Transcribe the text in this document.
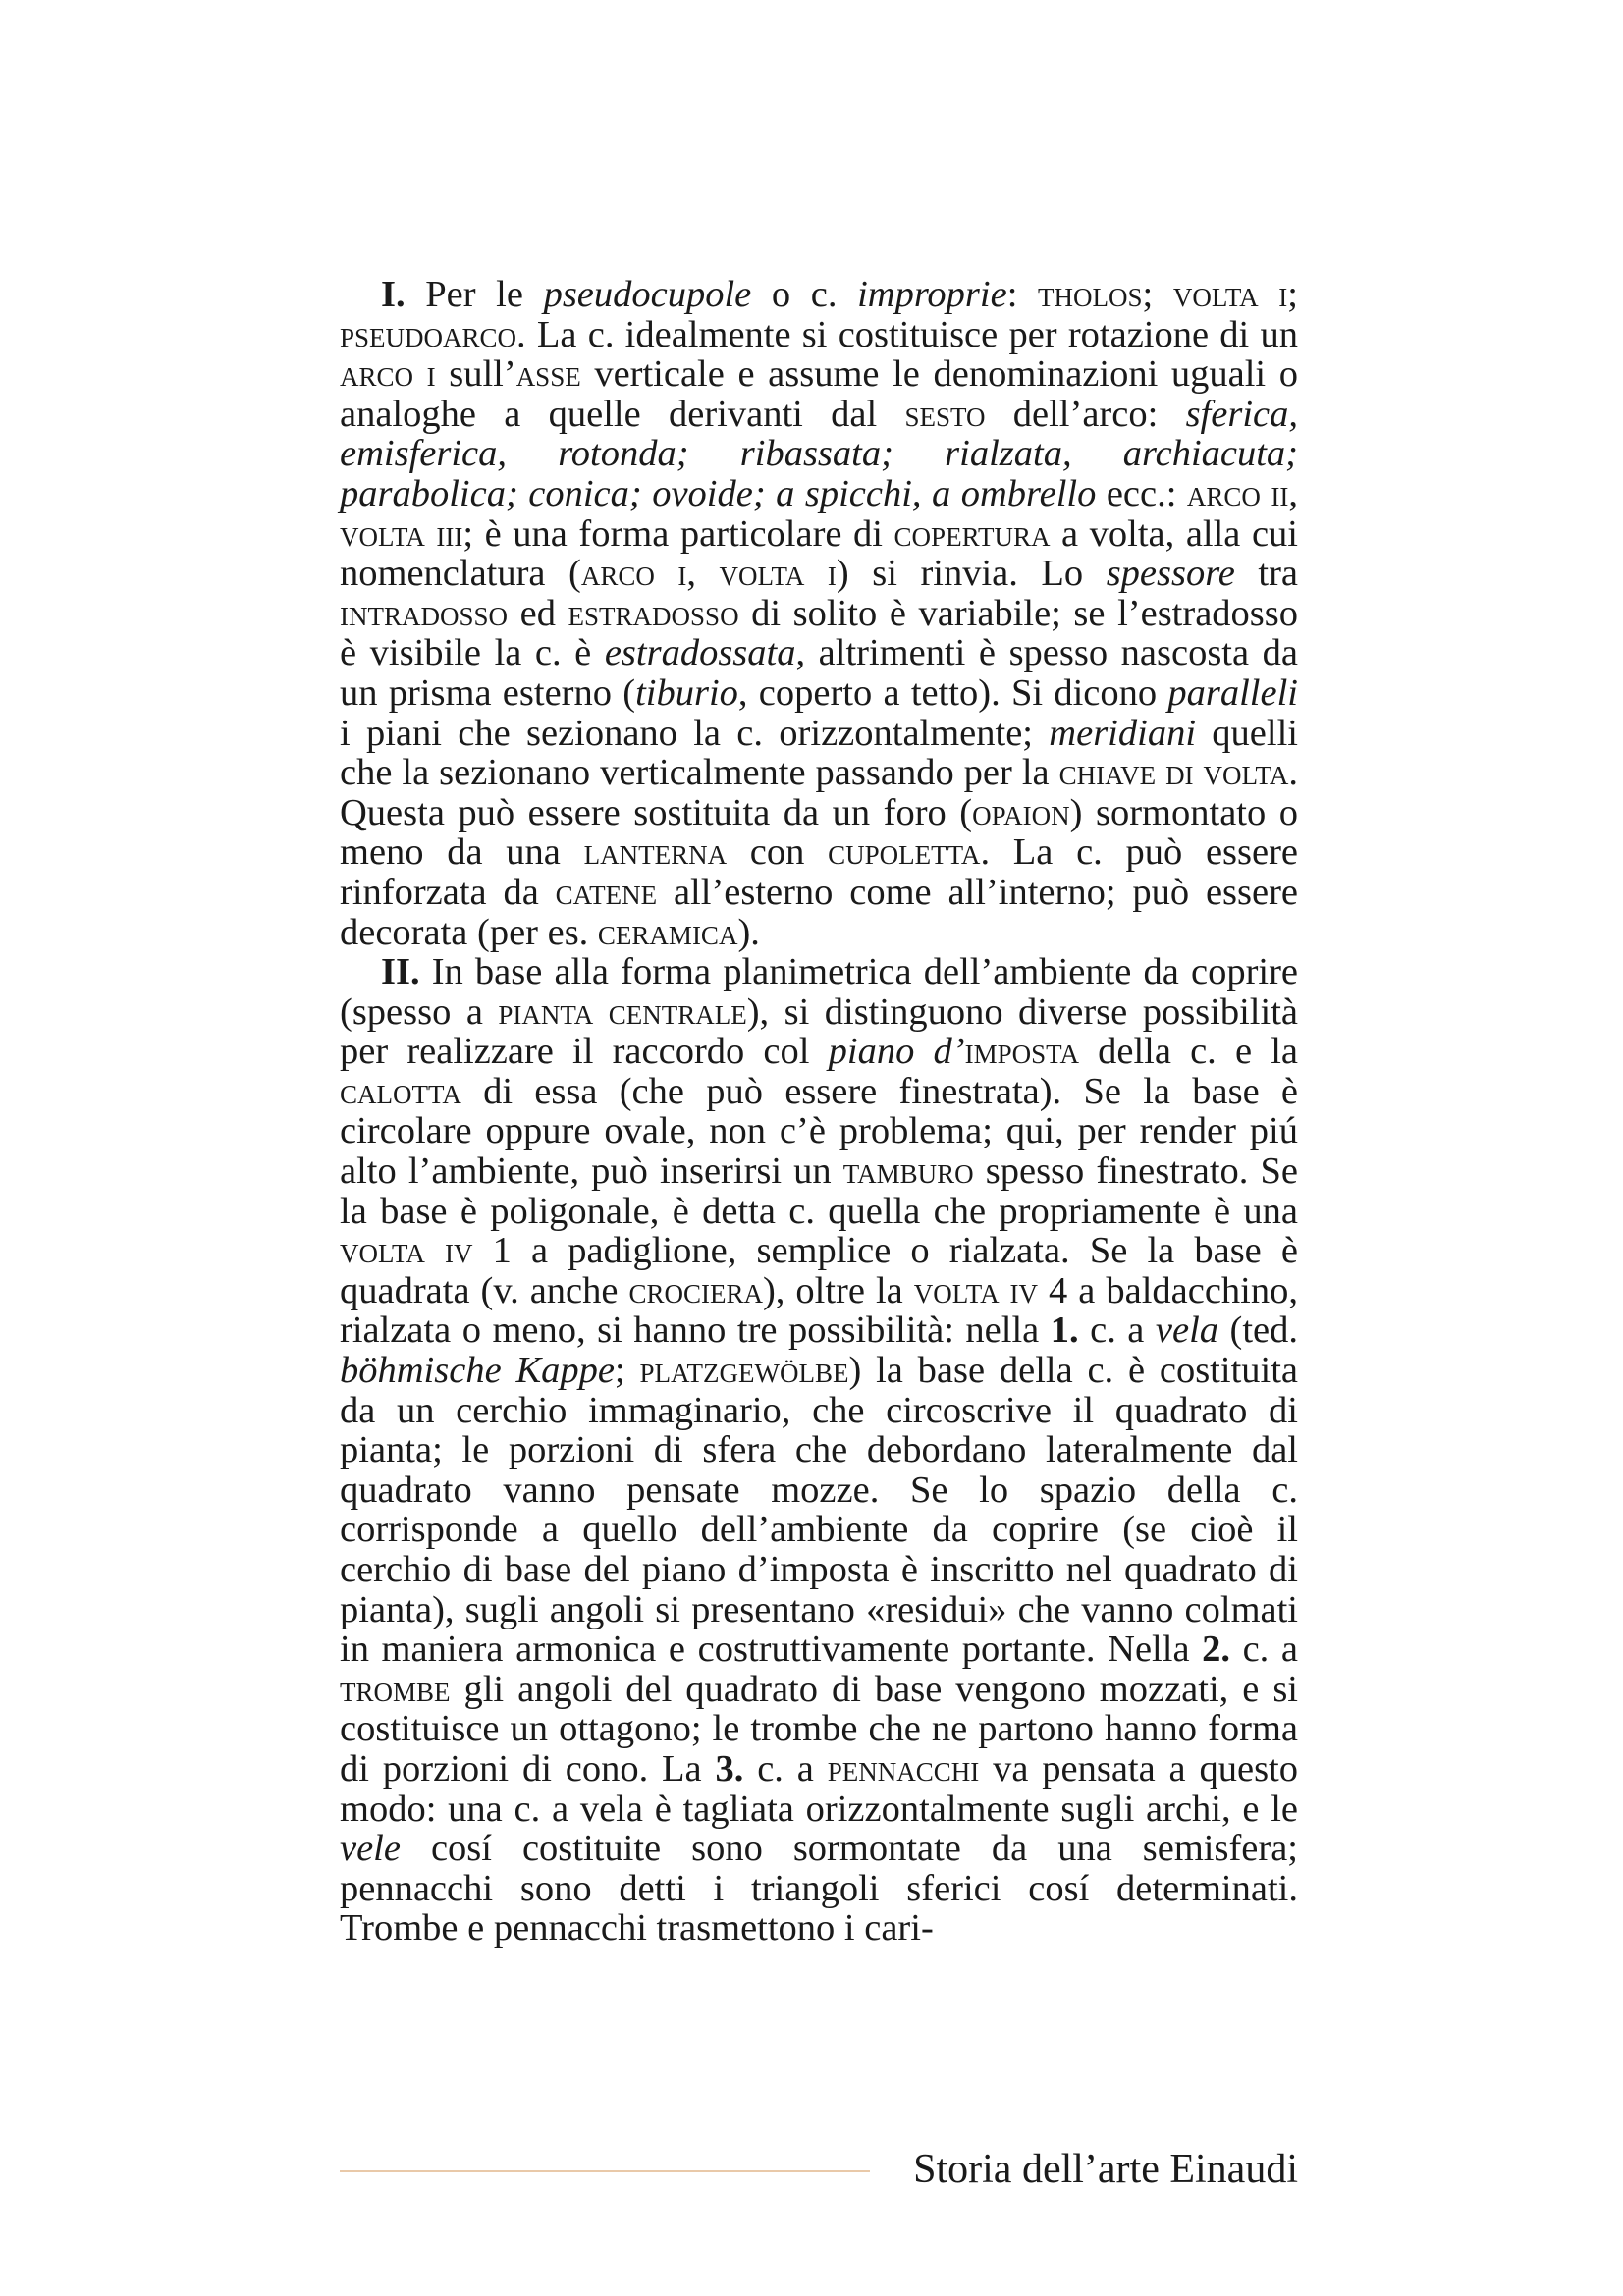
I. Per le pseudocupole o c. improprie: tholos; volta i; pseudoarco. La c. idealmente si costituisce per rotazione di un arco i sull’asse verticale e assume le denominazioni uguali o analoghe a quelle derivanti dal sesto dell’arco: sferica, emisferica, rotonda; ribassata; rialzata, archiacuta; parabolica; conica; ovoide; a spicchi, a ombrello ecc.: arco ii, volta iii; è una forma particolare di copertura a volta, alla cui nomenclatura (arco i, volta i) si rinvia. Lo spessore tra intradosso ed estradosso di solito è variabile; se l’estradosso è visibile la c. è estradossata, altrimenti è spesso nascosta da un prisma esterno (tiburio, coperto a tetto). Si dicono paralleli i piani che sezionano la c. orizzontalmente; meridiani quelli che la sezionano verticalmente passando per la chiave di volta. Questa può essere sostituita da un foro (opaion) sormontato o meno da una lanterna con cupoletta. La c. può essere rinforzata da catene all’esterno come all’interno; può essere decorata (per es. ceramica).

II. In base alla forma planimetrica dell’ambiente da coprire (spesso a pianta centrale), si distinguono diverse possibilità per realizzare il raccordo col piano d’imposta della c. e la calotta di essa (che può essere finestrata). Se la base è circolare oppure ovale, non c’è problema; qui, per render piú alto l’ambiente, può inserirsi un tamburo spesso finestrato. Se la base è poligonale, è detta c. quella che propriamente è una volta iv 1 a padiglione, semplice o rialzata. Se la base è quadrata (v. anche crociera), oltre la volta iv 4 a baldacchino, rialzata o meno, si hanno tre possibilità: nella 1. c. a vela (ted. böhmische Kappe; platzgewölbe) la base della c. è costituita da un cerchio immaginario, che circoscrive il quadrato di pianta; le porzioni di sfera che debordano lateralmente dal quadrato vanno pensate mozze. Se lo spazio della c. corrisponde a quello dell’ambiente da coprire (se cioè il cerchio di base del piano d’imposta è inscritto nel quadrato di pianta), sugli angoli si presentano «residui» che vanno colmati in maniera armonica e costruttivamente portante. Nella 2. c. a trombe gli angoli del quadrato di base vengono mozzati, e si costituisce un ottagono; le trombe che ne partono hanno forma di porzioni di cono. La 3. c. a pennacchi va pensata a questo modo: una c. a vela è tagliata orizzontalmente sugli archi, e le vele cosí costituite sono sormontate da una semisfera; pennacchi sono detti i triangoli sferici cosí determinati. Trombe e pennacchi trasmettono i cari-

Storia dell’arte Einaudi
